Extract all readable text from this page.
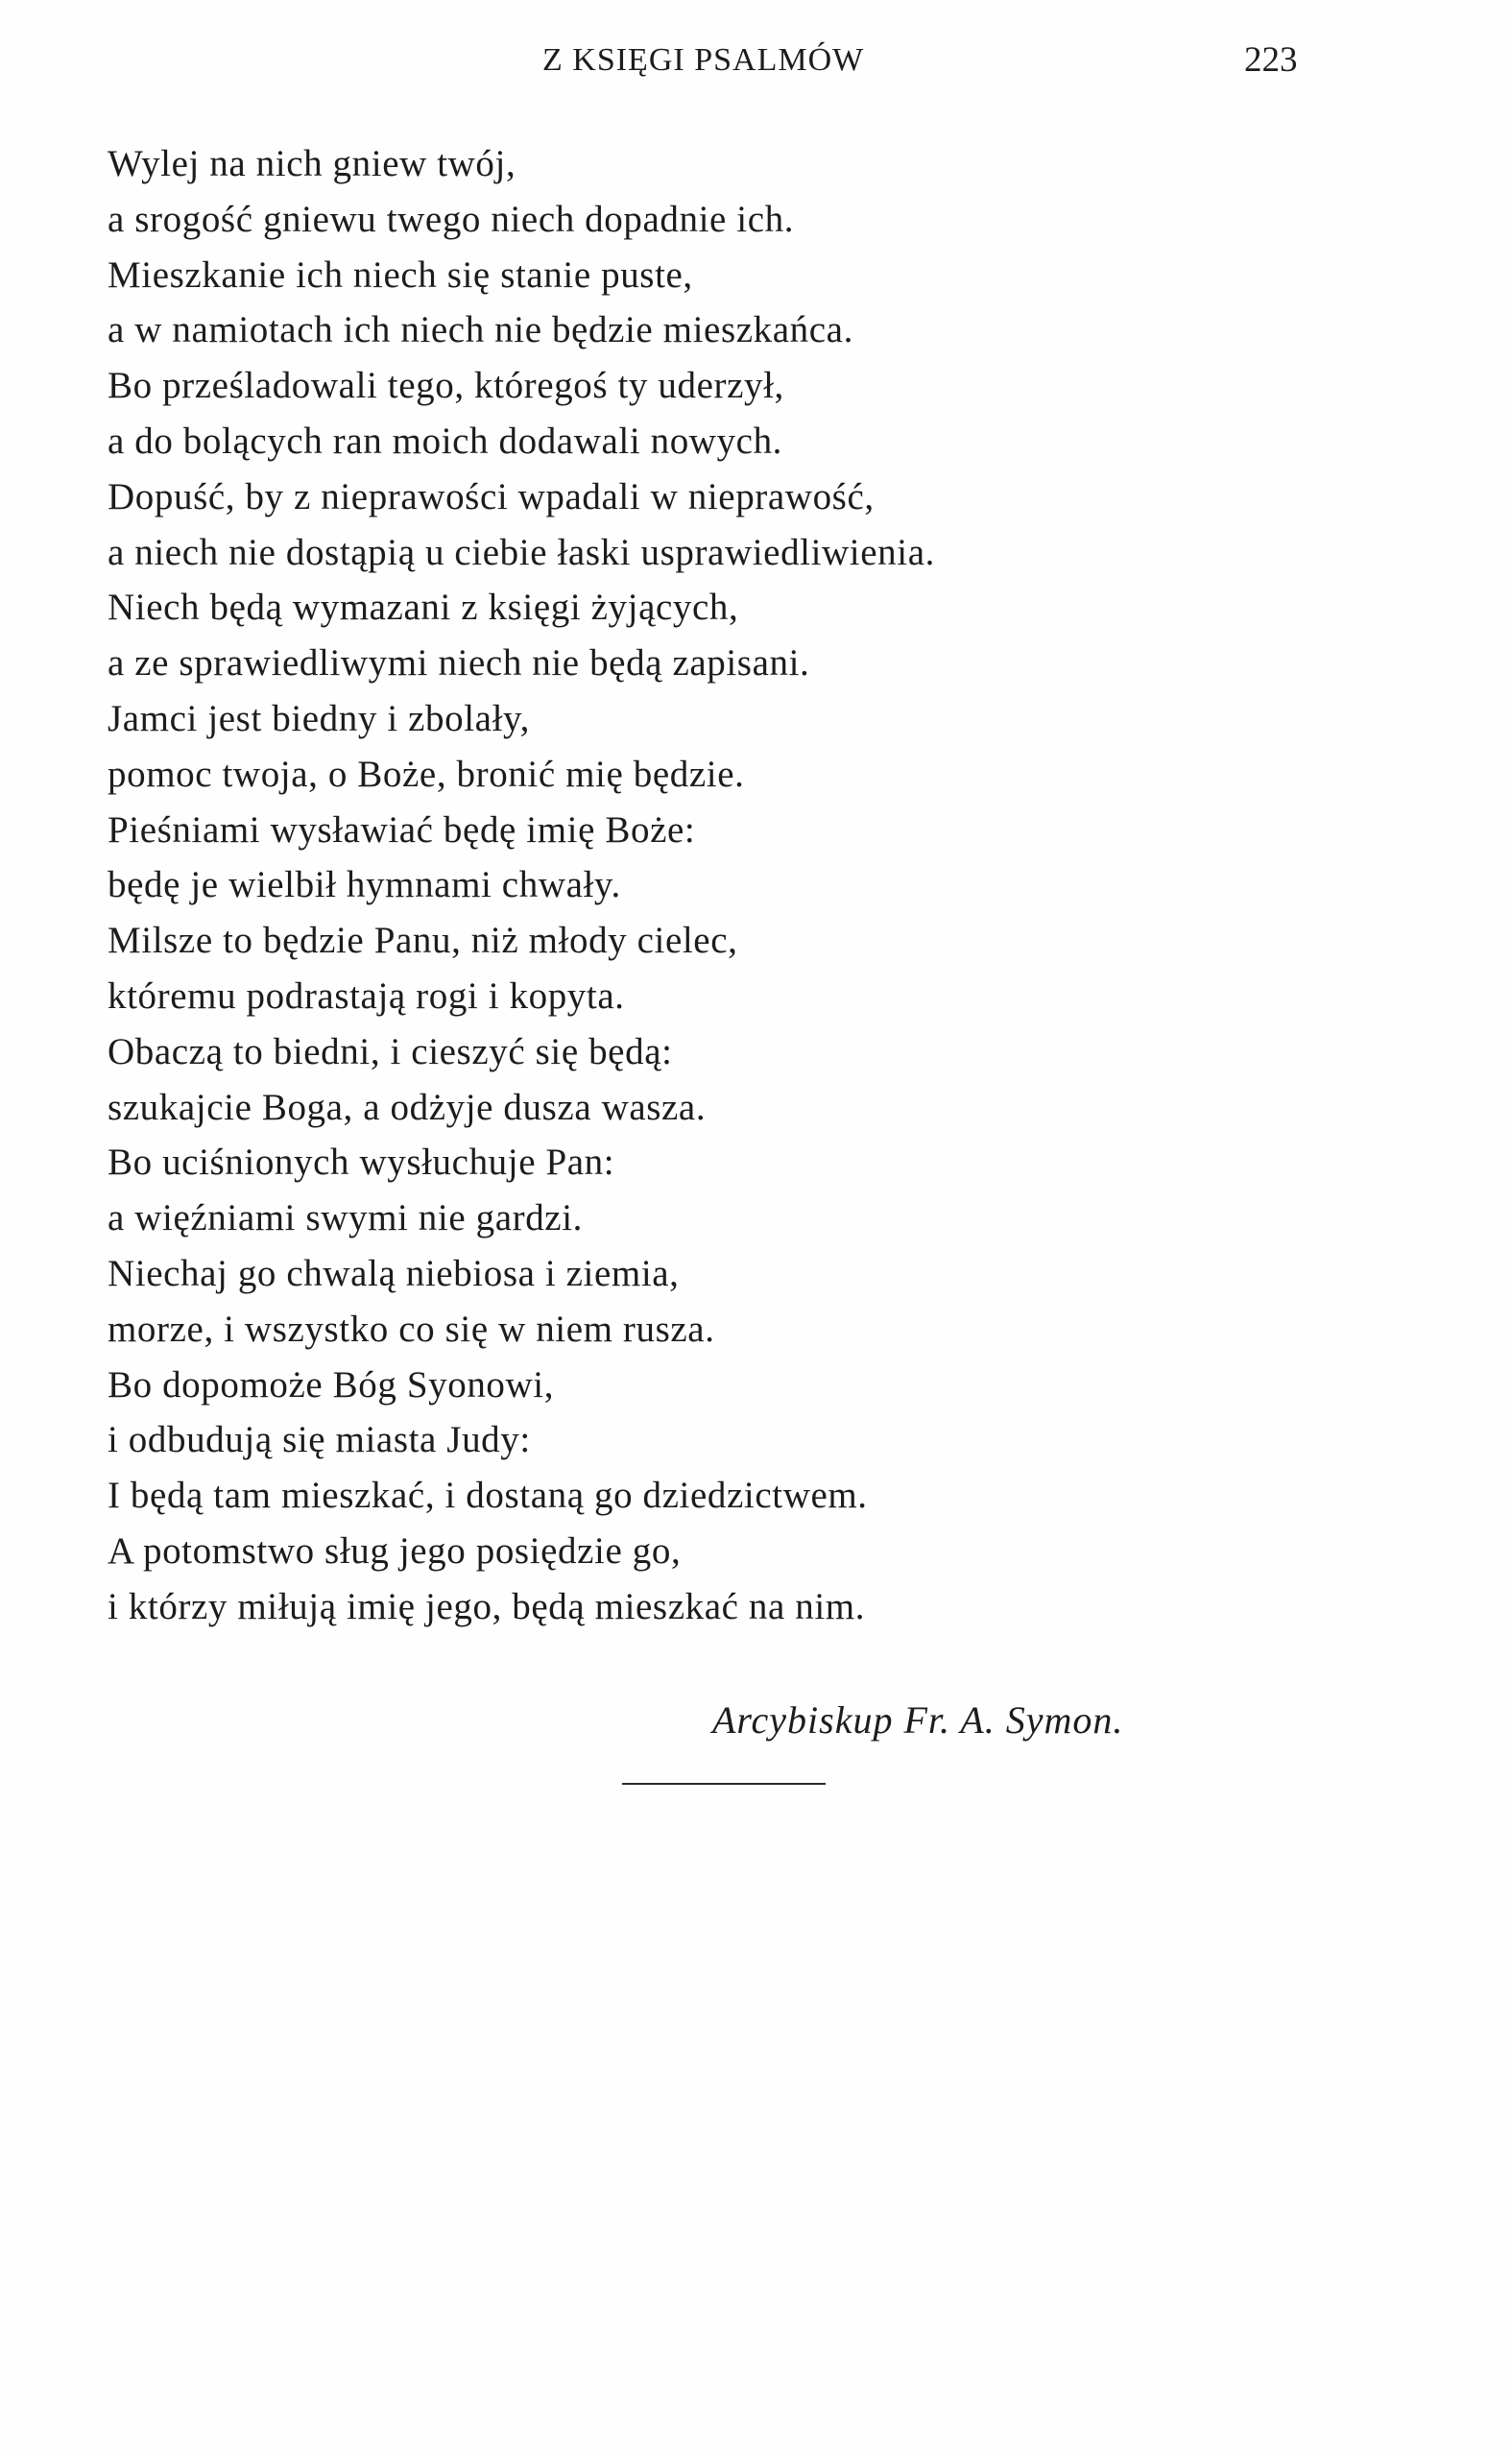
Z KSIĘGI PSALMÓW	223
Wylej na nich gniew twój,
a srogość gniewu twego niech dopadnie ich.
Mieszkanie ich niech się stanie puste,
a w namiotach ich niech nie będzie mieszkańca.
Bo prześladowali tego, któregoś ty uderzył,
a do bolących ran moich dodawali nowych.
Dopuść, by z nieprawości wpadali w nieprawość,
a niech nie dostąpią u ciebie łaski usprawiedliwienia.
Niech będą wymazani z księgi żyjących,
a ze sprawiedliwymi niech nie będą zapisani.
Jamci jest biedny i zbolały,
pomoc twoja, o Boże, bronić mię będzie.
Pieśniami wysławiać będę imię Boże:
będę je wielbił hymnami chwały.
Milsze to będzie Panu, niż młody cielec,
któremu podrastają rogi i kopyta.
Obaczą to biedni, i cieszyć się będą:
szukajcie Boga, a odżyje dusza wasza.
Bo uciśnionych wysłuchuje Pan:
a więźniami swymi nie gardzi.
Niechaj go chwalą niebiosa i ziemia,
morze, i wszystko co się w niem rusza.
Bo dopomoże Bóg Syonowi,
i odbudują się miasta Judy:
I będą tam mieszkać, i dostaną go dziedzictwem.
A potomstwo sług jego posiędzie go,
i którzy miłują imię jego, będą mieszkać na nim.
Arcybiskup Fr. A. Symon.
